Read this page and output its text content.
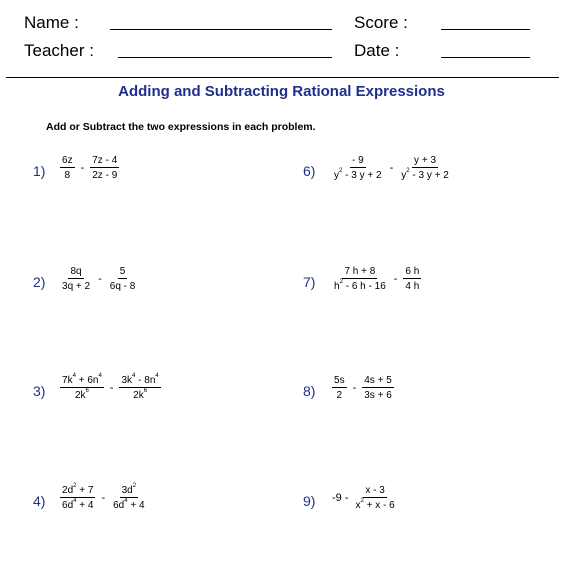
Name :	Score :
Teacher :	Date :
Adding and Subtracting Rational Expressions
Add or Subtract the two expressions in each problem.
$1) \frac{6z}{8} - \frac{7z - 4}{2z - 9}$
$2) \frac{8q}{3q + 2} - \frac{5}{6q - 8}$
$3) \frac{7k^4 + 6n^4}{2k^6} - \frac{3k^4 - 8n^4}{2k^6}$
$4) \frac{2d^2 + 7}{6d^4 + 4} - \frac{3d^2}{6d^4 + 4}$
$6) \frac{- 9}{y^2 - 3 y + 2} - \frac{y + 3}{y^2 - 3 y + 2}$
$7) \frac{7 h + 8}{h^2 - 6 h - 16} - \frac{6 h}{4 h}$
$8) \frac{5s}{2} - \frac{4s + 5}{3s + 6}$
9) $-9 - \frac{x - 3}{x^2 + x - 6}$
